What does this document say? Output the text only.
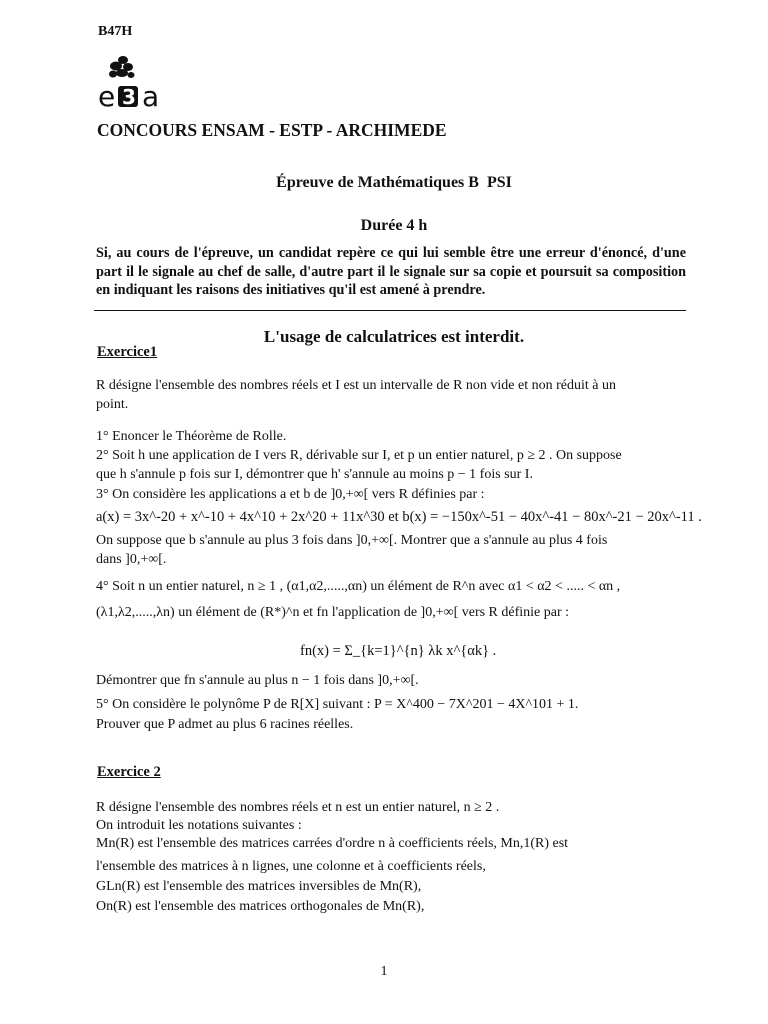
B47H
e 3 a
CONCOURS ENSAM - ESTP - ARCHIMEDE
Épreuve de Mathématiques B PSI
Durée 4 h
Si, au cours de l'épreuve, un candidat repère ce qui lui semble être une erreur d'énoncé, d'une part il le signale au chef de salle, d'autre part il le signale sur sa copie et poursuit sa composition en indiquant les raisons des initiatives qu'il est amené à prendre.
L'usage de calculatrices est interdit.
Exercice1
R désigne l'ensemble des nombres réels et I est un intervalle de R non vide et non réduit à un
point.
1° Enoncer le Théorème de Rolle.
2° Soit h une application de I vers R, dérivable sur I, et p un entier naturel, p ≥ 2 . On suppose
que h s'annule p fois sur I, démontrer que h' s'annule au moins p − 1 fois sur I.
3° On considère les applications a et b de ]0,+∞[ vers R définies par :
a(x) = 3x^-20 + x^-10 + 4x^10 + 2x^20 + 11x^30 et b(x) = −150x^-51 − 40x^-41 − 80x^-21 − 20x^-11 .
On suppose que b s'annule au plus 3 fois dans ]0,+∞[. Montrer que a s'annule au plus 4 fois
dans ]0,+∞[.
4° Soit n un entier naturel, n ≥ 1 , (α1,α2,.....,αn) un élément de R^n avec α1 < α2 < ..... < αn ,
(λ1,λ2,.....,λn) un élément de (R*)^n et fn l'application de ]0,+∞[ vers R définie par :
fn(x) = Σ_{k=1}^{n} λk x^{αk} .
Démontrer que fn s'annule au plus n − 1 fois dans ]0,+∞[.
5° On considère le polynôme P de R[X] suivant : P = X^400 − 7X^201 − 4X^101 + 1.
Prouver que P admet au plus 6 racines réelles.
Exercice 2
R désigne l'ensemble des nombres réels et n est un entier naturel, n ≥ 2 .
On introduit les notations suivantes :
Mn(R) est l'ensemble des matrices carrées d'ordre n à coefficients réels, Mn,1(R) est
l'ensemble des matrices à n lignes, une colonne et à coefficients réels,
GLn(R) est l'ensemble des matrices inversibles de Mn(R),
On(R) est l'ensemble des matrices orthogonales de Mn(R),
1
